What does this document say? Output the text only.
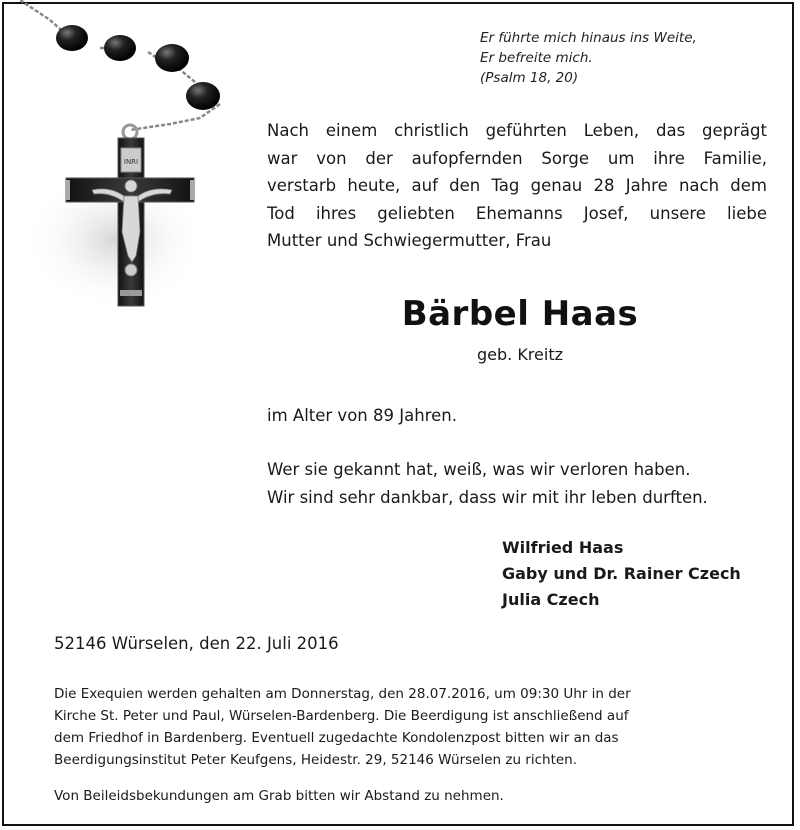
INRI
Er führte mich hinaus ins Weite,
Er befreite mich.
(Psalm 18, 20)
Nach einem christlich geführten Leben, das geprägt
war von der aufopfernden Sorge um ihre Familie,
verstarb heute, auf den Tag genau 28 Jahre nach dem
Tod ihres geliebten Ehemanns Josef, unsere liebe
Mutter und Schwiegermutter, Frau
Bärbel Haas
geb. Kreitz
im Alter von 89 Jahren.
Wer sie gekannt hat, weiß, was wir verloren haben.
Wir sind sehr dankbar, dass wir mit ihr leben durften.
Wilfried Haas
Gaby und Dr. Rainer Czech
Julia Czech
52146 Würselen, den 22. Juli 2016
Die Exequien werden gehalten am Donnerstag, den 28.07.2016, um 09:30 Uhr in der
Kirche St. Peter und Paul, Würselen-Bardenberg. Die Beerdigung ist anschließend auf
dem Friedhof in Bardenberg. Eventuell zugedachte Kondolenzpost bitten wir an das
Beerdigungsinstitut Peter Keufgens, Heidestr. 29, 52146 Würselen zu richten.
Von Beileidsbekundungen am Grab bitten wir Abstand zu nehmen.
